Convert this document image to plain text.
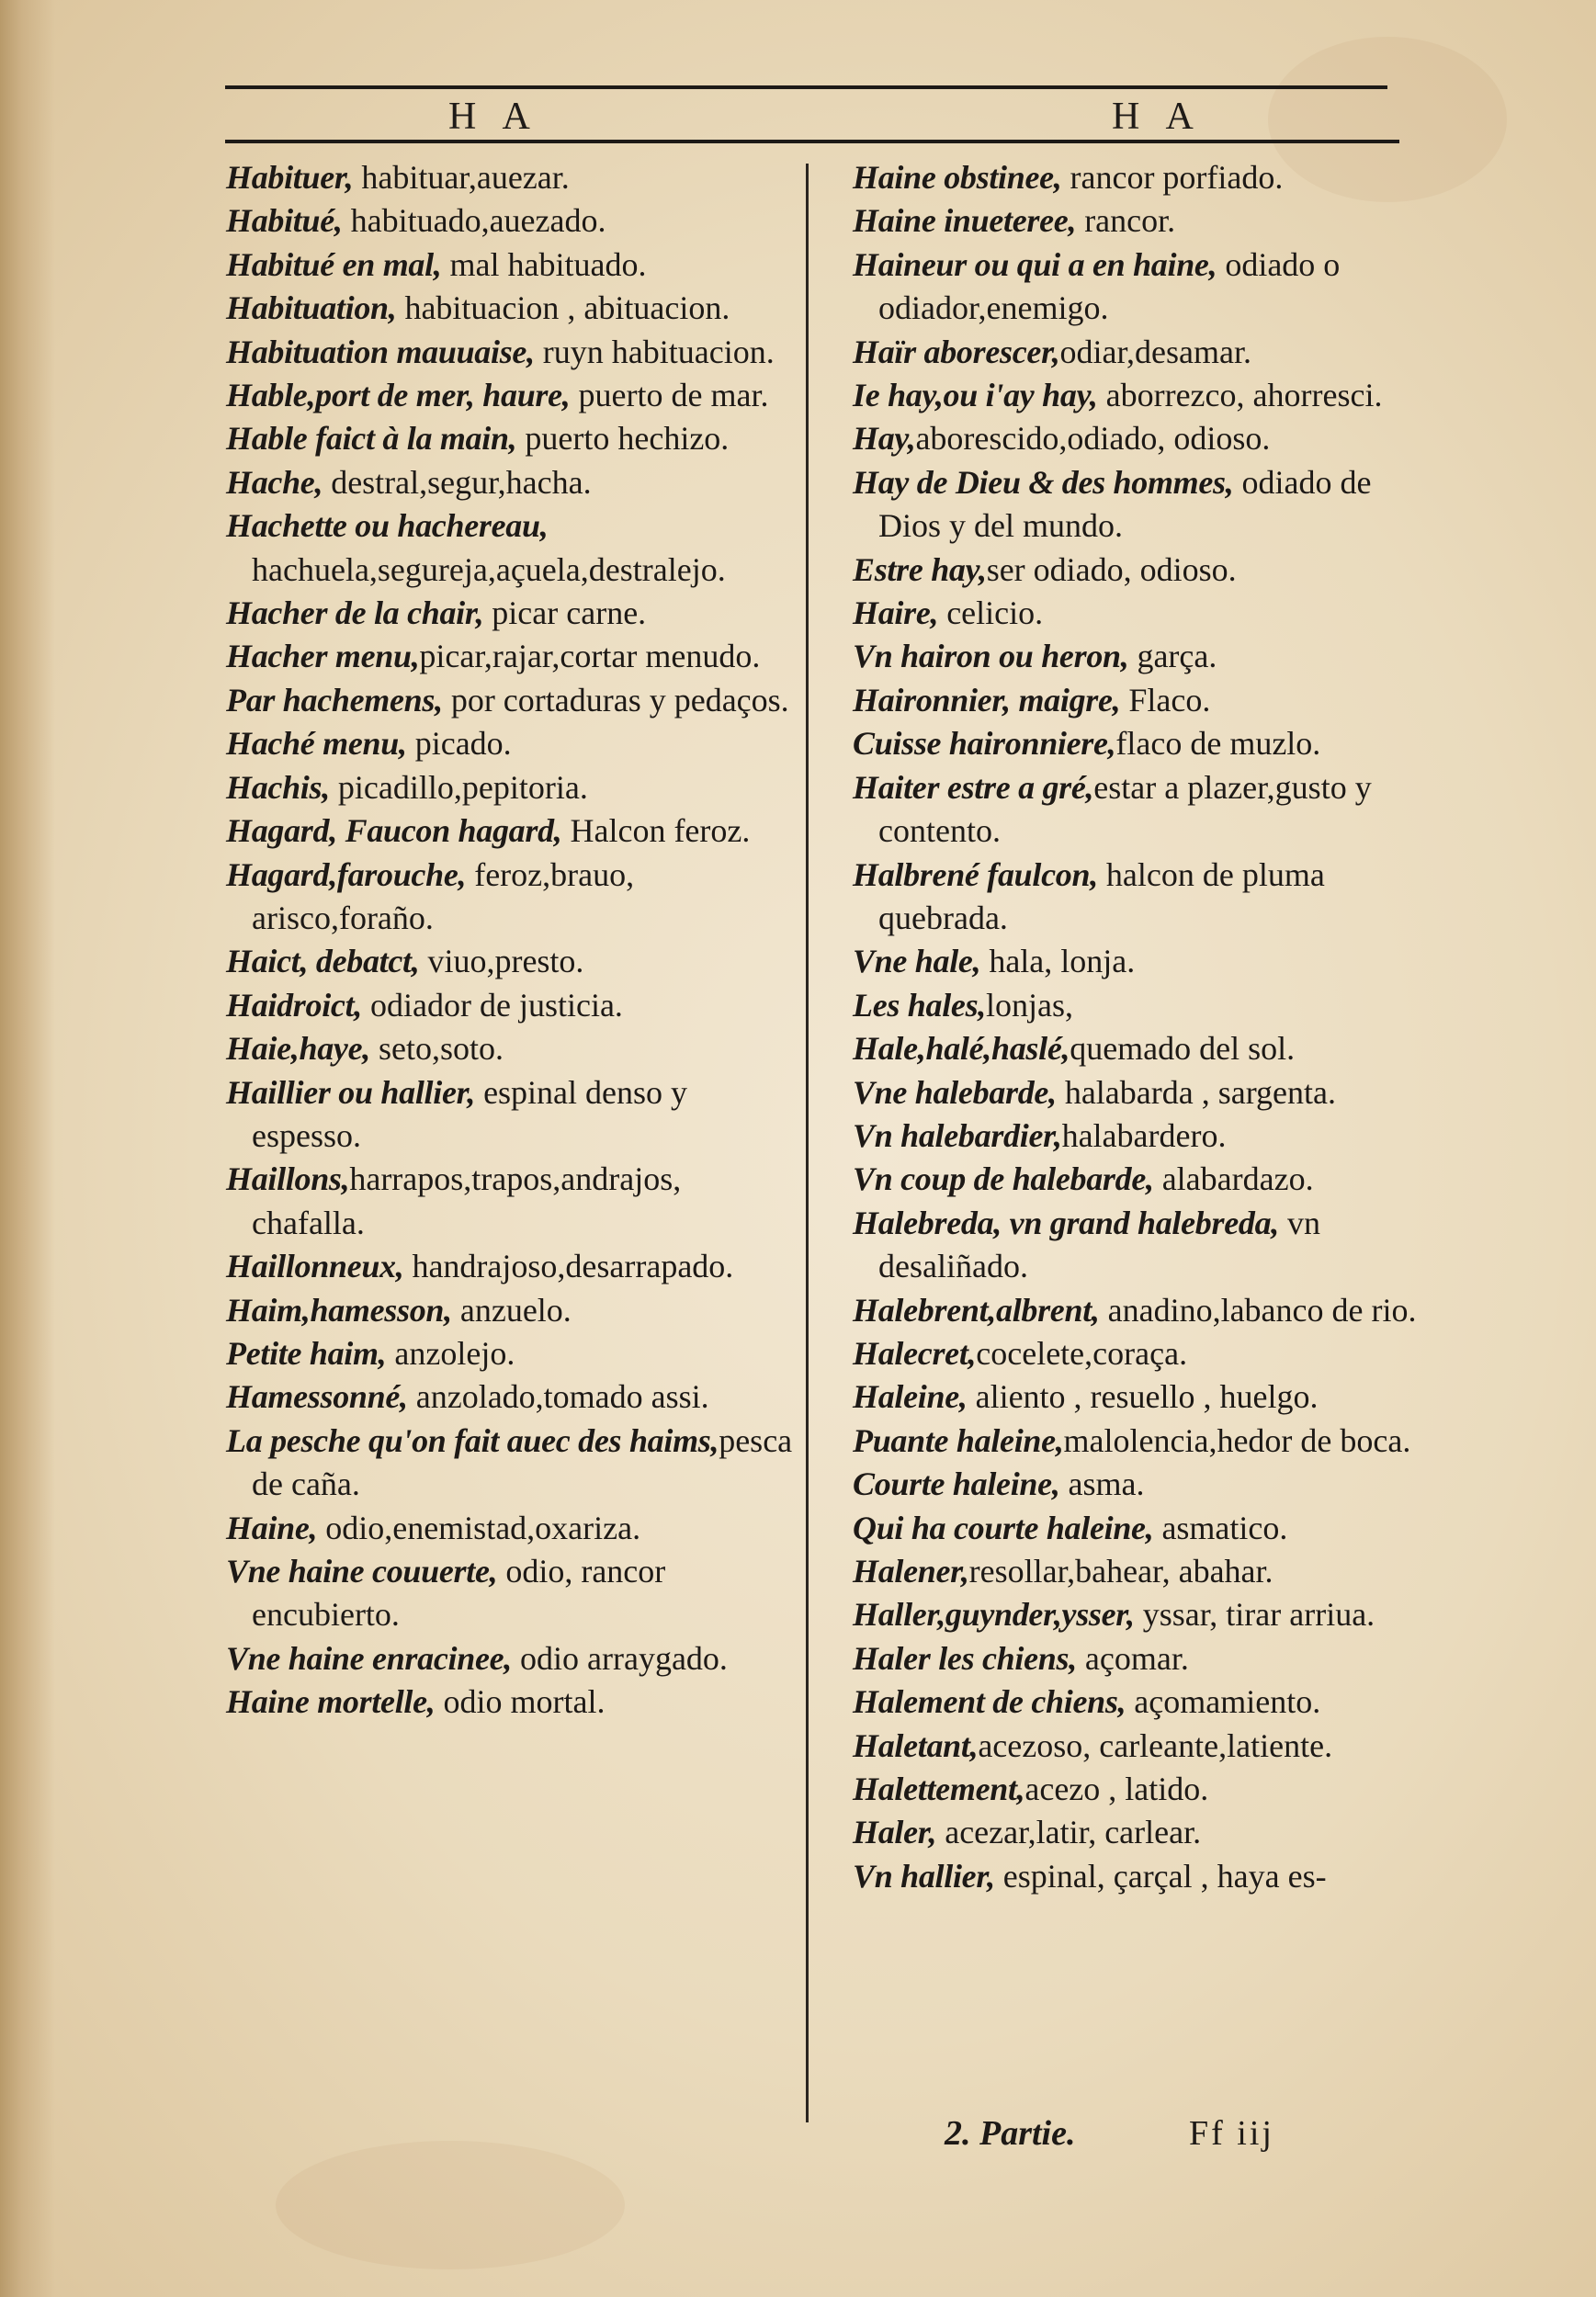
H A	H A

Habituer, habituar,auezar.

Habitué, habituado,auezado.

Habitué en mal, mal habituado.

Habituation, habituacion , abituacion.

Habituation mauuaise, ruyn habituacion.

Hable,port de mer, haure, puerto de mar.

Hable faict à la main, puerto hechizo.

Hache, destral,segur,hacha.

Hachette ou hachereau, hachuela,segureja,açuela,destralejo.

Hacher de la chair, picar carne.

Hacher menu,picar,rajar,cortar menudo.

Par hachemens, por cortaduras y pedaços.

Haché menu, picado.

Hachis, picadillo,pepitoria.

Hagard, Faucon hagard, Halcon feroz.

Hagard,farouche, feroz,brauo, arisco,foraño.

Haict, debatct, viuo,presto.

Haidroict, odiador de justicia.

Haie,haye, seto,soto.

Haillier ou hallier, espinal denso y espesso.

Haillons,harrapos,trapos,andrajos, chafalla.

Haillonneux, handrajoso,desarrapado.

Haim,hamesson, anzuelo.

Petite haim, anzolejo.

Hamessonné, anzolado,tomado assi.

La pesche qu'on fait auec des haims,pesca de caña.

Haine, odio,enemistad,oxariza.

Vne haine couuerte, odio, rancor encubierto.

Vne haine enracinee, odio arraygado.

Haine mortelle, odio mortal.

Haine obstinee, rancor porfiado.

Haine inueteree, rancor.

Haineur ou qui a en haine, odiado o odiador,enemigo.

Haïr aborescer,odiar,desamar.

Ie hay,ou i'ay hay, aborrezco, ahorresci.

Hay,aborescido,odiado, odioso.

Hay de Dieu & des hommes, odiado de Dios y del mundo.

Estre hay,ser odiado, odioso.

Haire, celicio.

Vn hairon ou heron, garça.

Haironnier, maigre, Flaco.

Cuisse haironniere,flaco de muzlo.

Haiter estre a gré,estar a plazer,gusto y contento.

Halbrené faulcon, halcon de pluma quebrada.

Vne hale, hala, lonja.

Les hales,lonjas,

Hale,halé,haslé,quemado del sol.

Vne halebarde, halabarda , sargenta.

Vn halebardier,halabardero.

Vn coup de halebarde, alabardazo.

Halebreda, vn grand halebreda, vn desaliñado.

Halebrent,albrent, anadino,labanco de rio.

Halecret,cocelete,coraça.

Haleine, aliento , resuello , huelgo.

Puante haleine,malolencia,hedor de boca.

Courte haleine, asma.

Qui ha courte haleine, asmatico.

Halener,resollar,bahear, abahar.

Haller,guynder,ysser, yssar, tirar arriua.

Haler les chiens, açomar.

Halement de chiens, açomamiento.

Haletant,acezoso, carleante,latiente.

Halettement,acezo , latido.

Haler, acezar,latir, carlear.

Vn hallier, espinal, çarçal , haya es-

2. Partie.	Ff iij
